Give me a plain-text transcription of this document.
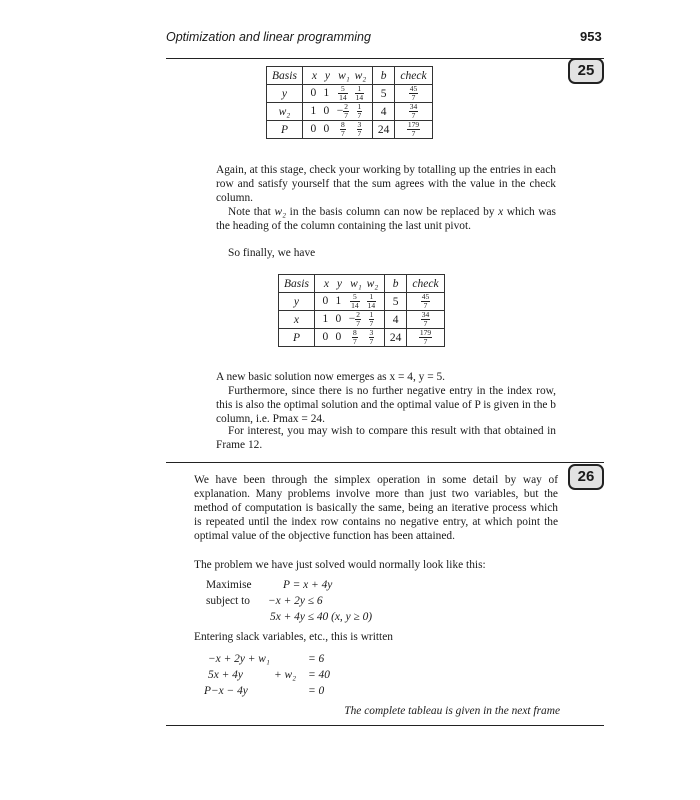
Optimization and linear programming	953
25
Basis	x y w₁ w₂	b	check
y	0 $1 \frac{5}{14} \frac{1}{14}$	5	$\frac{45}{7}$

w₂	1 $0 - \frac{2}{7} \frac{1}{7}$	4	$\frac{34}{7}$

P	0 $0 \frac{8}{7} \frac{3}{7}$	24	$\frac{179}{7}$

Again, at this stage, check your working by totalling up the entries in each row and satisfy yourself that the sum agrees with the value in the check column.

Note that w₂ in the basis column can now be replaced by x which was the heading of the column containing the last unit pivot.

So finally, we have

Basis	x y w₁ w₂	b	check
y	0 $1 \frac{5}{14} \frac{1}{14}$	5	$\frac{45}{7}$

x	1 $0 - \frac{2}{7} \frac{1}{7}$	4	$\frac{34}{7}$

P	0 $0 \frac{8}{7} \frac{3}{7}$	24	$\frac{179}{7}$

A new basic solution now emerges as x = 4, y = 5.

Furthermore, since there is no further negative entry in the index row, this is also the optimal solution and the optimal value of P is given in the b column, i.e. Pmax = 24.

For interest, you may wish to compare this result with that obtained in Frame 12.

26

We have been through the simplex operation in some detail by way of explanation. Many problems involve more than just two variables, but the method of computation is basically the same, being an iterative process which is repeated until the index row contains no negative entry, at which point the optimal value of the objective function has been attained.

The problem we have just solved would normally look like this:

Maximise	P = x + 4y
subject to −x + 2y ≤ 6
5x + 4y ≤ 40 (x, y ≥ 0)

Entering slack variables, etc., this is written

−x + 2y + w₁	= 6
5x + 4y	+ w₂ = 40
P−x − 4y	= 0
The complete tableau is given in the next frame
